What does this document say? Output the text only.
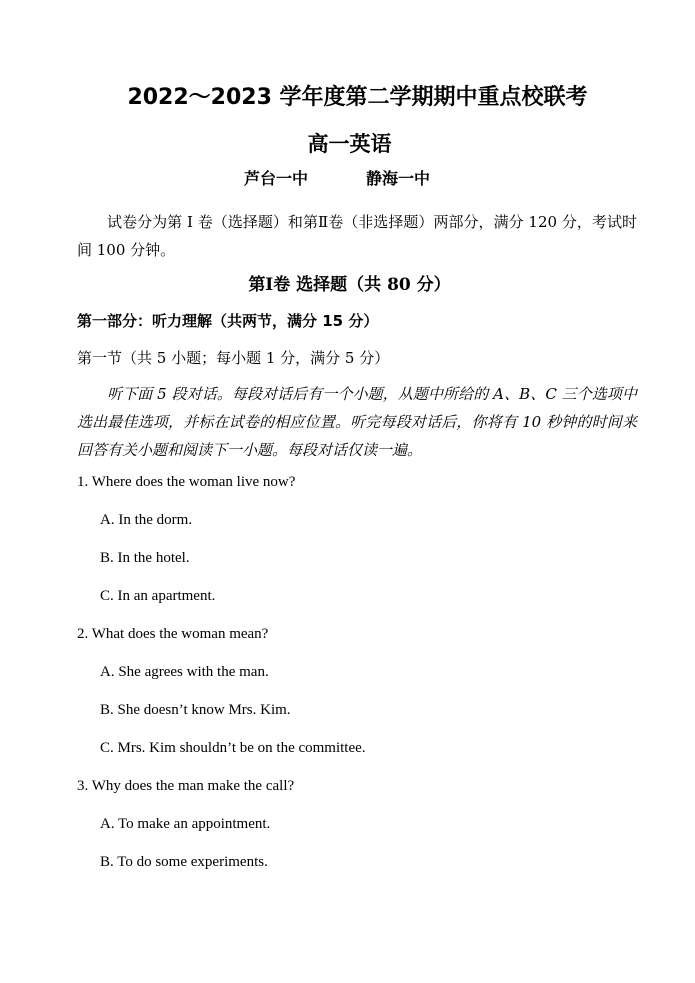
2022～2023 学年度第二学期期中重点校联考
高一英语
芦台一中	静海一中
试卷分为第 I 卷（选择题）和第Ⅱ卷（非选择题）两部分，满分 120 分，考试时间 100 分钟。
第Ⅰ卷 选择题（共 80 分）
第一部分：听力理解（共两节，满分 15 分）
第一节（共 5 小题；每小题 1 分，满分 5 分）
听下面 5 段对话。每段对话后有一个小题，从题中所给的 A、B、C 三个选项中选出最佳选项，并标在试卷的相应位置。听完每段对话后，你将有 10 秒钟的时间来回答有关小题和阅读下一小题。每段对话仅读一遍。
1. Where does the woman live now?
A. In the dorm.
B. In the hotel.
C. In an apartment.
2. What does the woman mean?
A. She agrees with the man.
B. She doesn’t know Mrs. Kim.
C. Mrs. Kim shouldn’t be on the committee.
3. Why does the man make the call?
A. To make an appointment.
B. To do some experiments.
